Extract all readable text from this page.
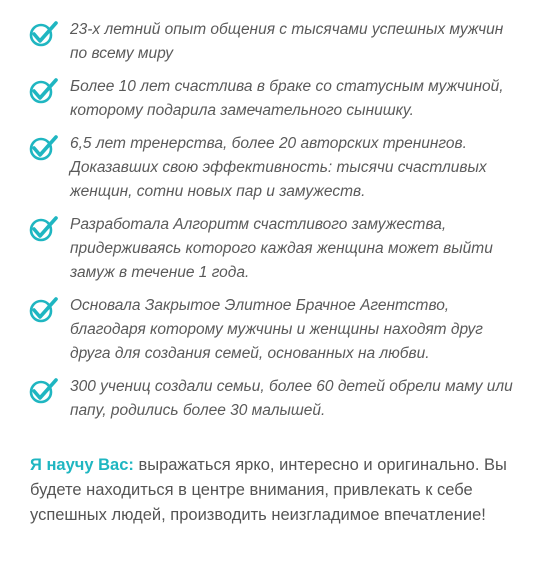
23-х летний опыт общения с тысячами успешных мужчин
по всему миру
Более 10 лет счастлива в браке со статусным мужчиной,
которому подарила замечательного сынишку.
6,5 лет тренерства, более 20 авторских тренингов.
Доказавших свою эффективность: тысячи счастливых
женщин, сотни новых пар и замужеств.
Разработала Алгоритм счастливого замужества,
придерживаясь которого каждая женщина может выйти
замуж в течение 1 года.
Основала Закрытое Элитное Брачное Агентство,
благодаря которому мужчины и женщины находят друг
друга для создания семей, основанных на любви.
300 учениц создали семьи, более 60 детей обрели маму или
папу, родились более 30 малышей.
Я научу Вас: выражаться ярко, интересно и оригинально. Вы
будете находиться в центре внимания, привлекать к себе
успешных людей, производить неизгладимое впечатление!
